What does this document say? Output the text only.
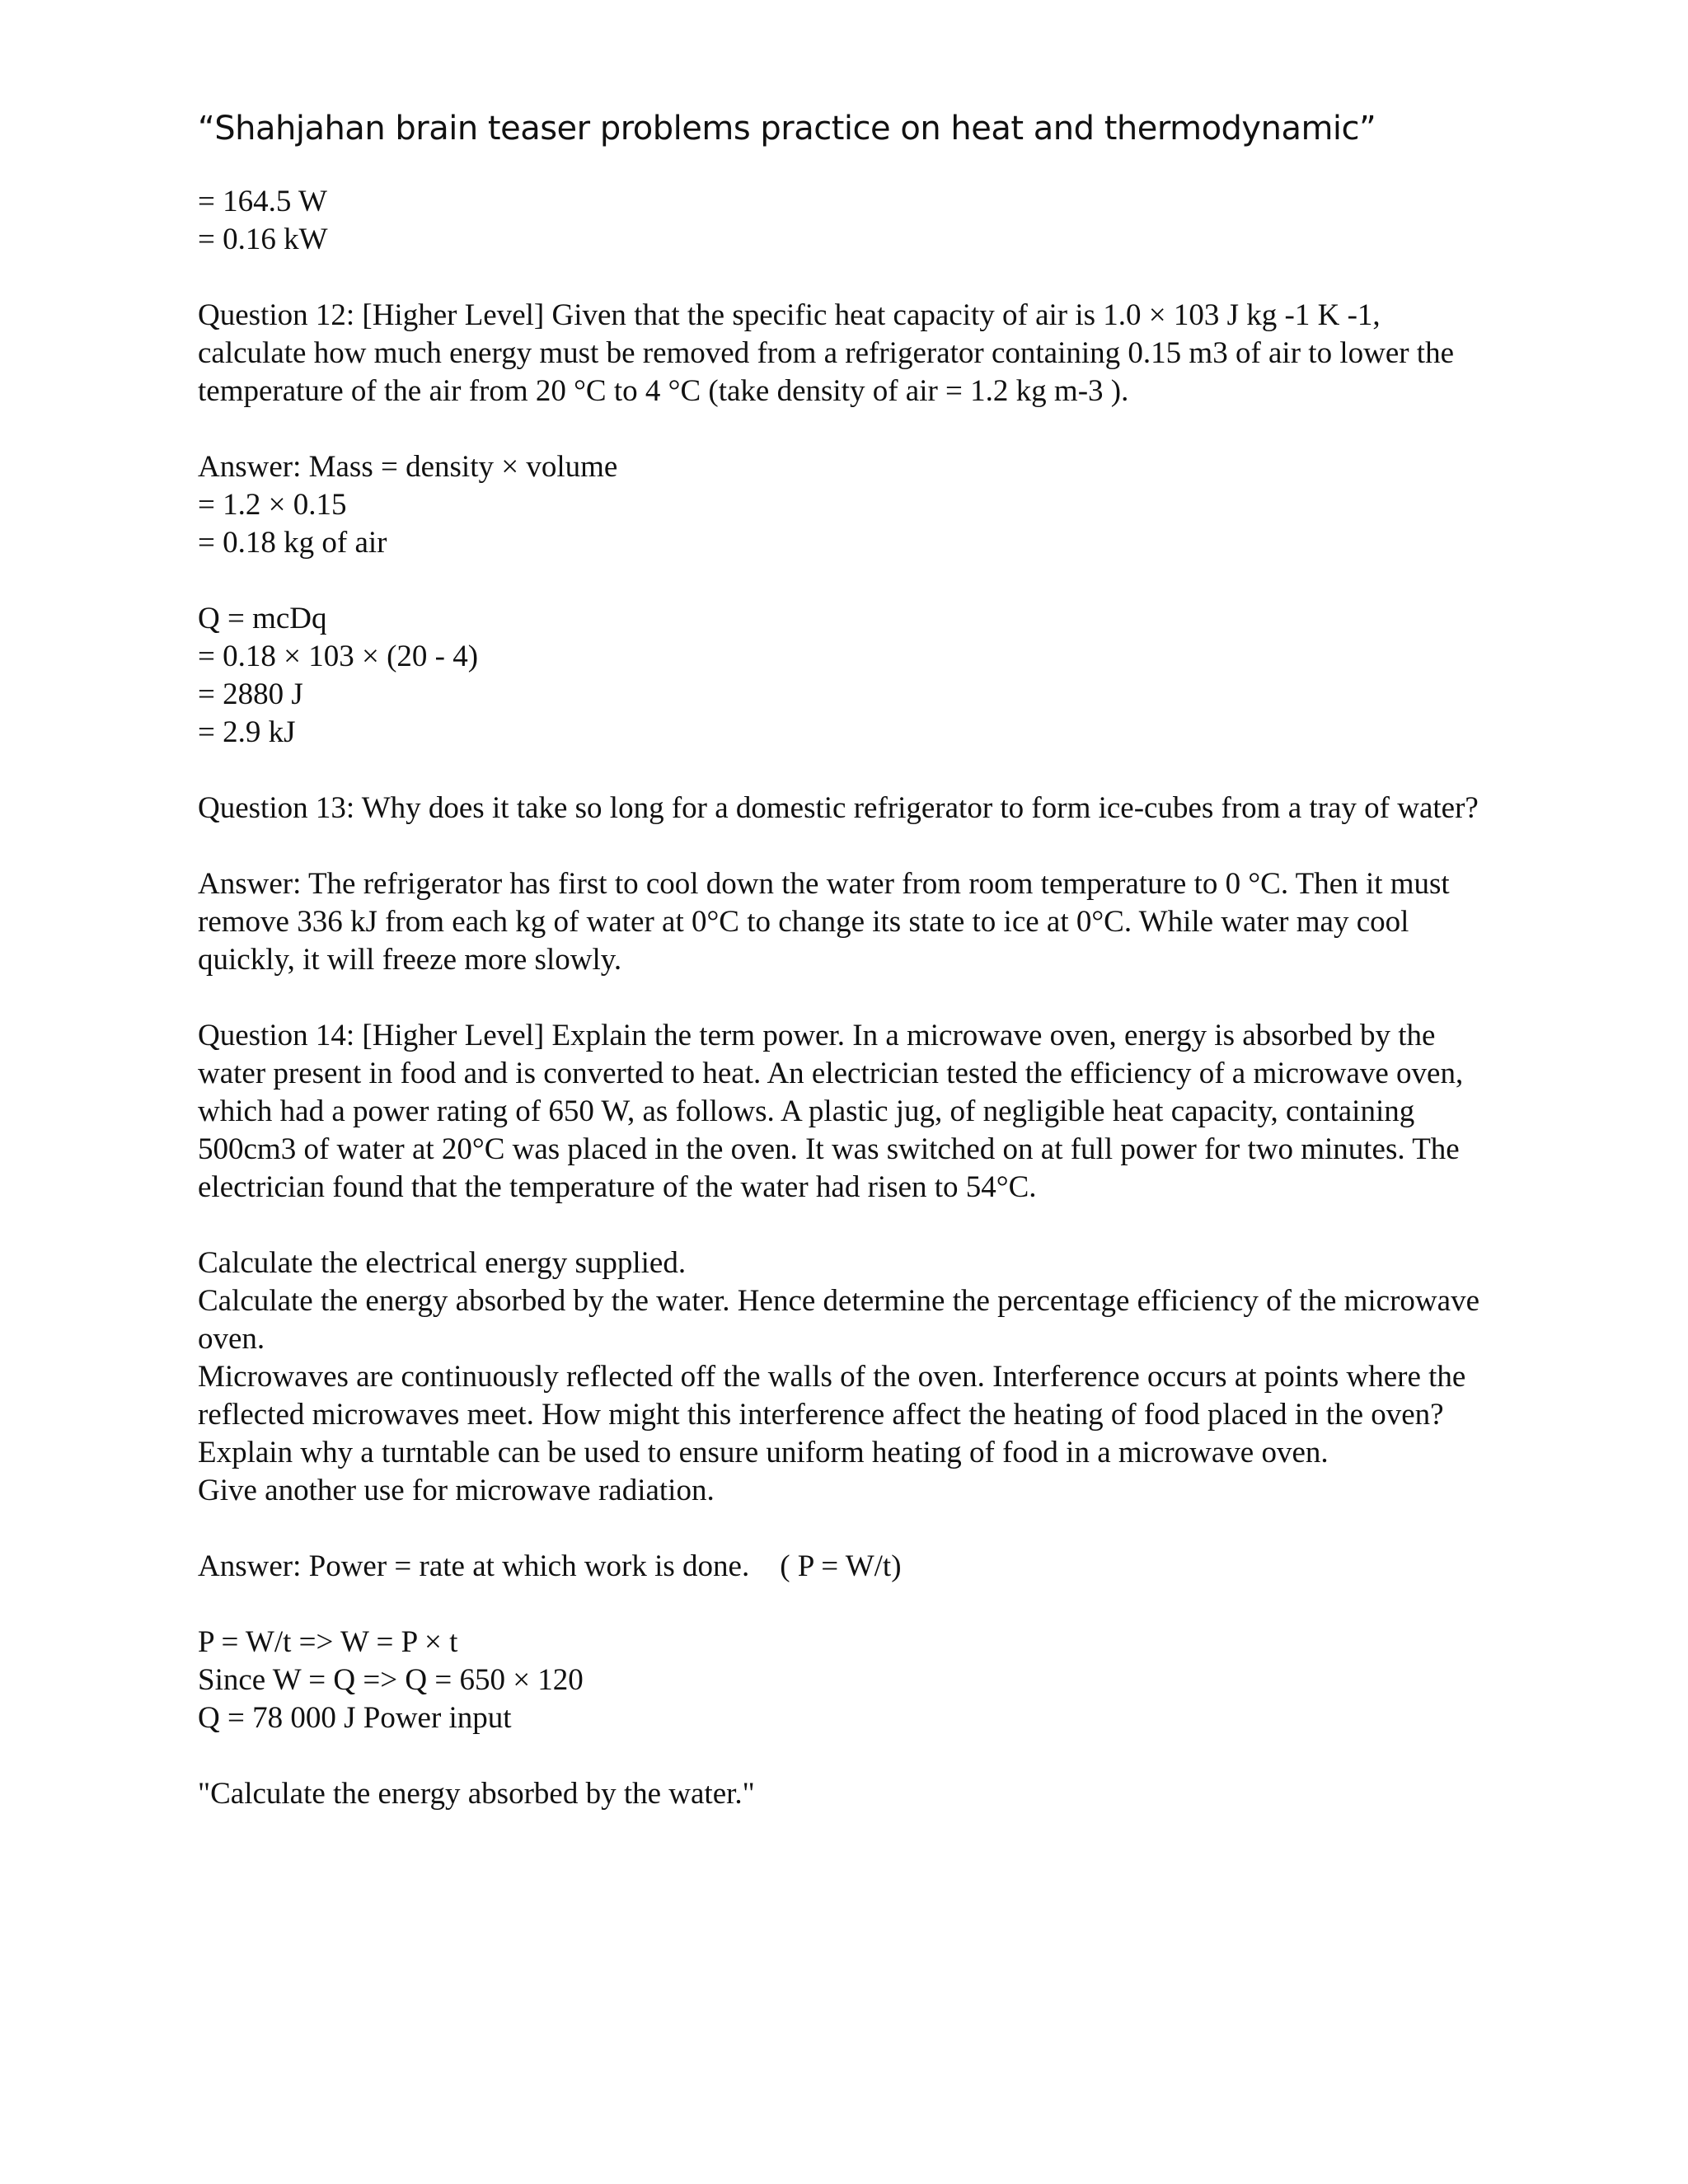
“Shahjahan brain teaser problems practice on heat and thermodynamic”
= 164.5 W
= 0.16 kW
Question 12: [Higher Level] Given that the specific heat capacity of air is 1.0 × 103 J kg -1 K -1, calculate how much energy must be removed from a refrigerator containing 0.15 m3 of air to lower the temperature of the air from 20 °C to 4 °C (take density of air = 1.2 kg m-3 ).
Answer: Mass = density × volume
= 1.2 × 0.15
= 0.18 kg of air
Q = mcDq
= 0.18 × 103 × (20 - 4)
= 2880 J
= 2.9 kJ
Question 13: Why does it take so long for a domestic refrigerator to form ice-cubes from a tray of water?
Answer: The refrigerator has first to cool down the water from room temperature to 0 °C. Then it must remove 336 kJ from each kg of water at 0°C to change its state to ice at 0°C. While water may cool quickly, it will freeze more slowly.
Question 14: [Higher Level] Explain the term power. In a microwave oven, energy is absorbed by the water present in food and is converted to heat. An electrician tested the efficiency of a microwave oven, which had a power rating of 650 W, as follows. A plastic jug, of negligible heat capacity, containing 500cm3 of water at 20°C was placed in the oven. It was switched on at full power for two minutes. The electrician found that the temperature of the water had risen to 54°C.
Calculate the electrical energy supplied.
Calculate the energy absorbed by the water. Hence determine the percentage efficiency of the microwave oven.
Microwaves are continuously reflected off the walls of the oven. Interference occurs at points where the reflected microwaves meet. How might this interference affect the heating of food placed in the oven?
Explain why a turntable can be used to ensure uniform heating of food in a microwave oven.
Give another use for microwave radiation.
Answer: Power = rate at which work is done.    ( P = W/t)
P = W/t => W = P × t
Since W = Q => Q = 650 × 120
Q = 78 000 J Power input
"Calculate the energy absorbed by the water."
